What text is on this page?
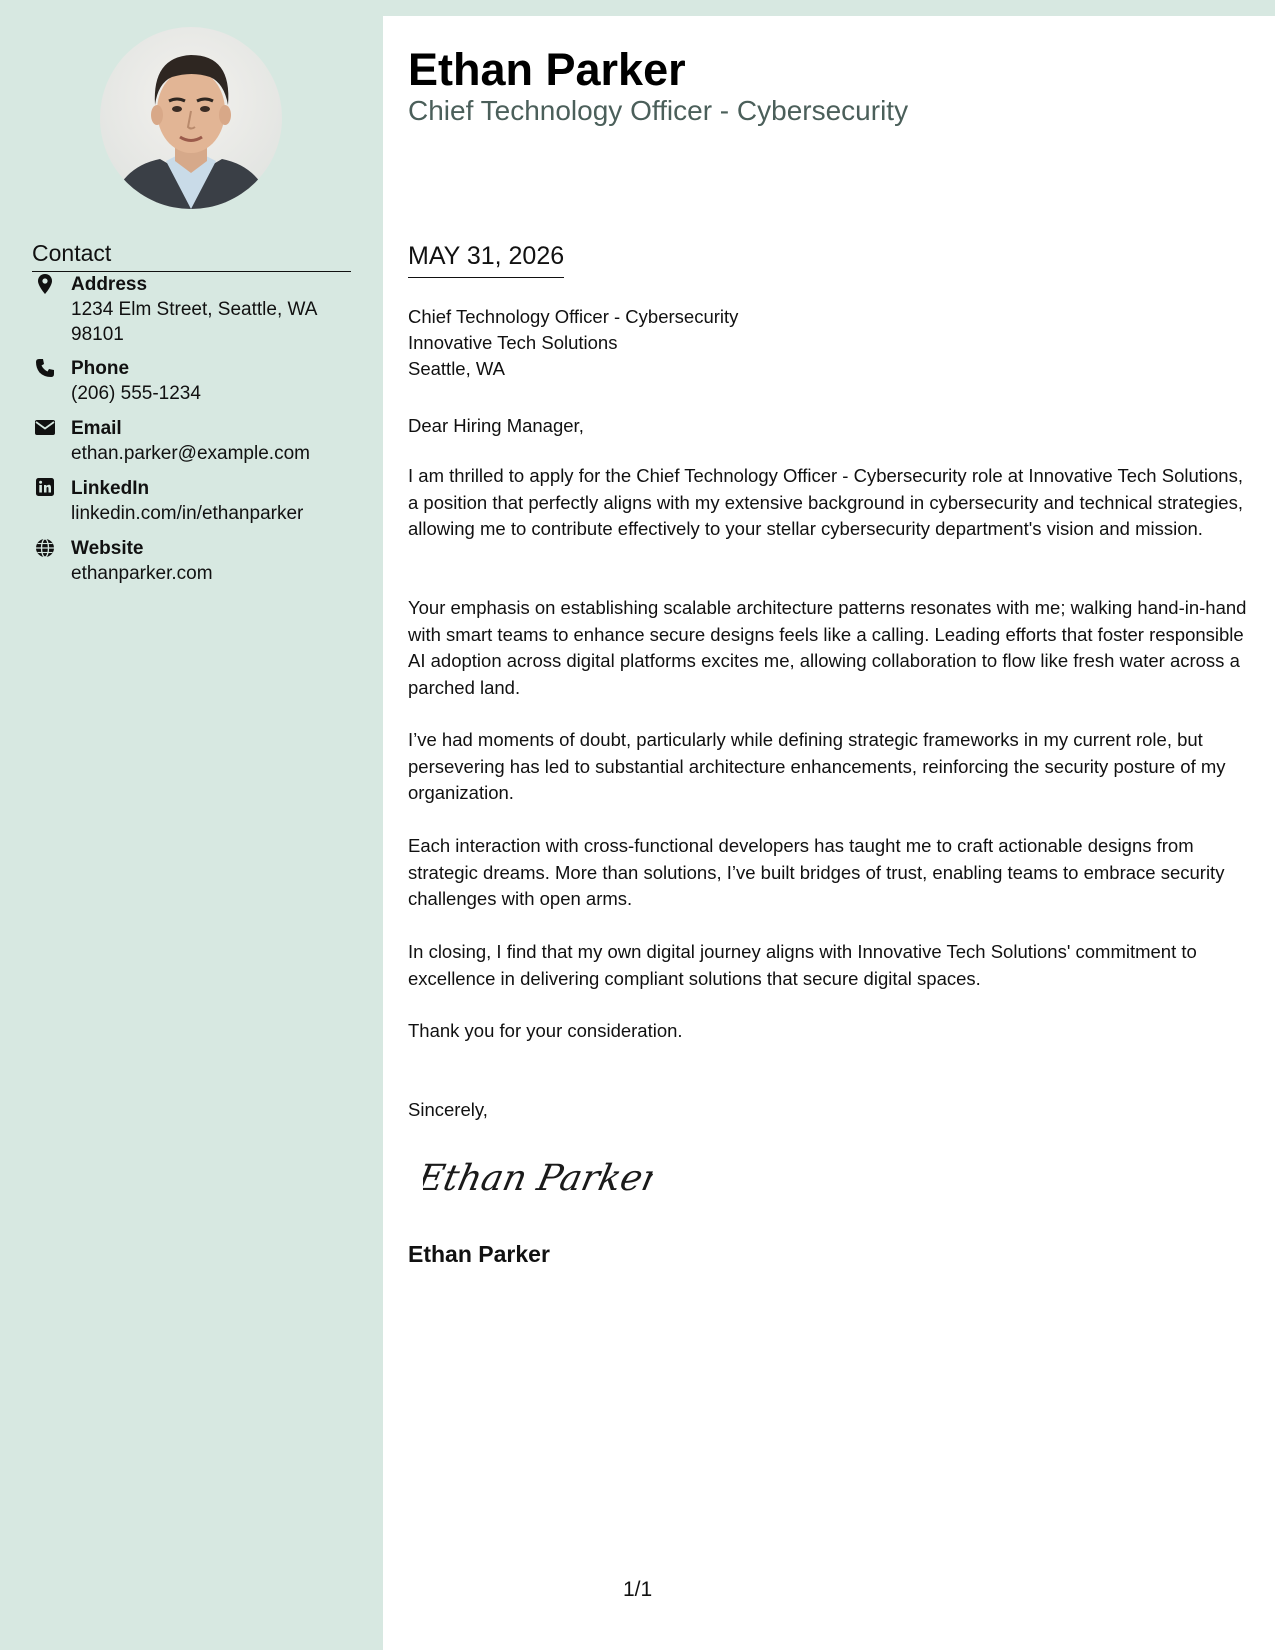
Contact
Address
1234 Elm Street, Seattle, WA
98101
Phone
(206) 555-1234
Email
ethan.parker@example.com
LinkedIn
linkedin.com/in/ethanparker
Website
ethanparker.com
Ethan Parker
Chief Technology Officer - Cybersecurity
MAY 31, 2026
Chief Technology Officer - Cybersecurity
Innovative Tech Solutions
Seattle, WA
Dear Hiring Manager,
I am thrilled to apply for the Chief Technology Officer - Cybersecurity role at Innovative Tech Solutions, a position that perfectly aligns with my extensive background in cybersecurity and technical strategies, allowing me to contribute effectively to your stellar cybersecurity department's vision and mission.
Your emphasis on establishing scalable architecture patterns resonates with me; walking hand-in-hand with smart teams to enhance secure designs feels like a calling. Leading efforts that foster responsible AI adoption across digital platforms excites me, allowing collaboration to flow like fresh water across a parched land.
I’ve had moments of doubt, particularly while defining strategic frameworks in my current role, but persevering has led to substantial architecture enhancements, reinforcing the security posture of my organization.
Each interaction with cross-functional developers has taught me to craft actionable designs from strategic dreams. More than solutions, I’ve built bridges of trust, enabling teams to embrace security challenges with open arms.
In closing, I find that my own digital journey aligns with Innovative Tech Solutions' commitment to excellence in delivering compliant solutions that secure digital spaces.
Thank you for your consideration.
Sincerely,
Ethan Parker
Ethan Parker
1/1
